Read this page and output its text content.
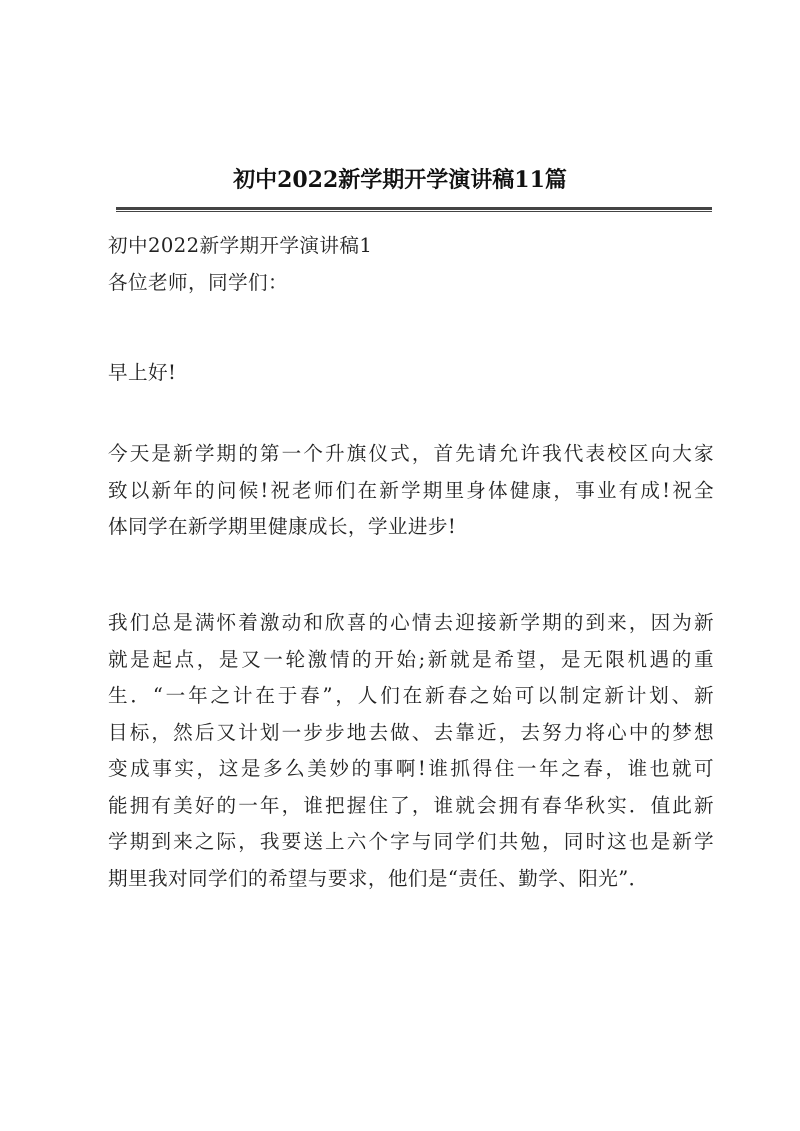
初中2022新学期开学演讲稿11篇

初中2022新学期开学演讲稿1

各位老师，同学们：

早上好!

今天是新学期的第一个升旗仪式，首先请允许我代表校区向大家
致以新年的问候!祝老师们在新学期里身体健康，事业有成!祝全
体同学在新学期里健康成长，学业进步!

我们总是满怀着激动和欣喜的心情去迎接新学期的到来，因为新
就是起点，是又一轮激情的开始;新就是希望，是无限机遇的重
生．“一年之计在于春”，人们在新春之始可以制定新计划、新
目标，然后又计划一步步地去做、去靠近，去努力将心中的梦想
变成事实，这是多么美妙的事啊!谁抓得住一年之春，谁也就可
能拥有美好的一年，谁把握住了，谁就会拥有春华秋实．值此新
学期到来之际，我要送上六个字与同学们共勉，同时这也是新学
期里我对同学们的希望与要求，他们是“责任、勤学、阳光”．
